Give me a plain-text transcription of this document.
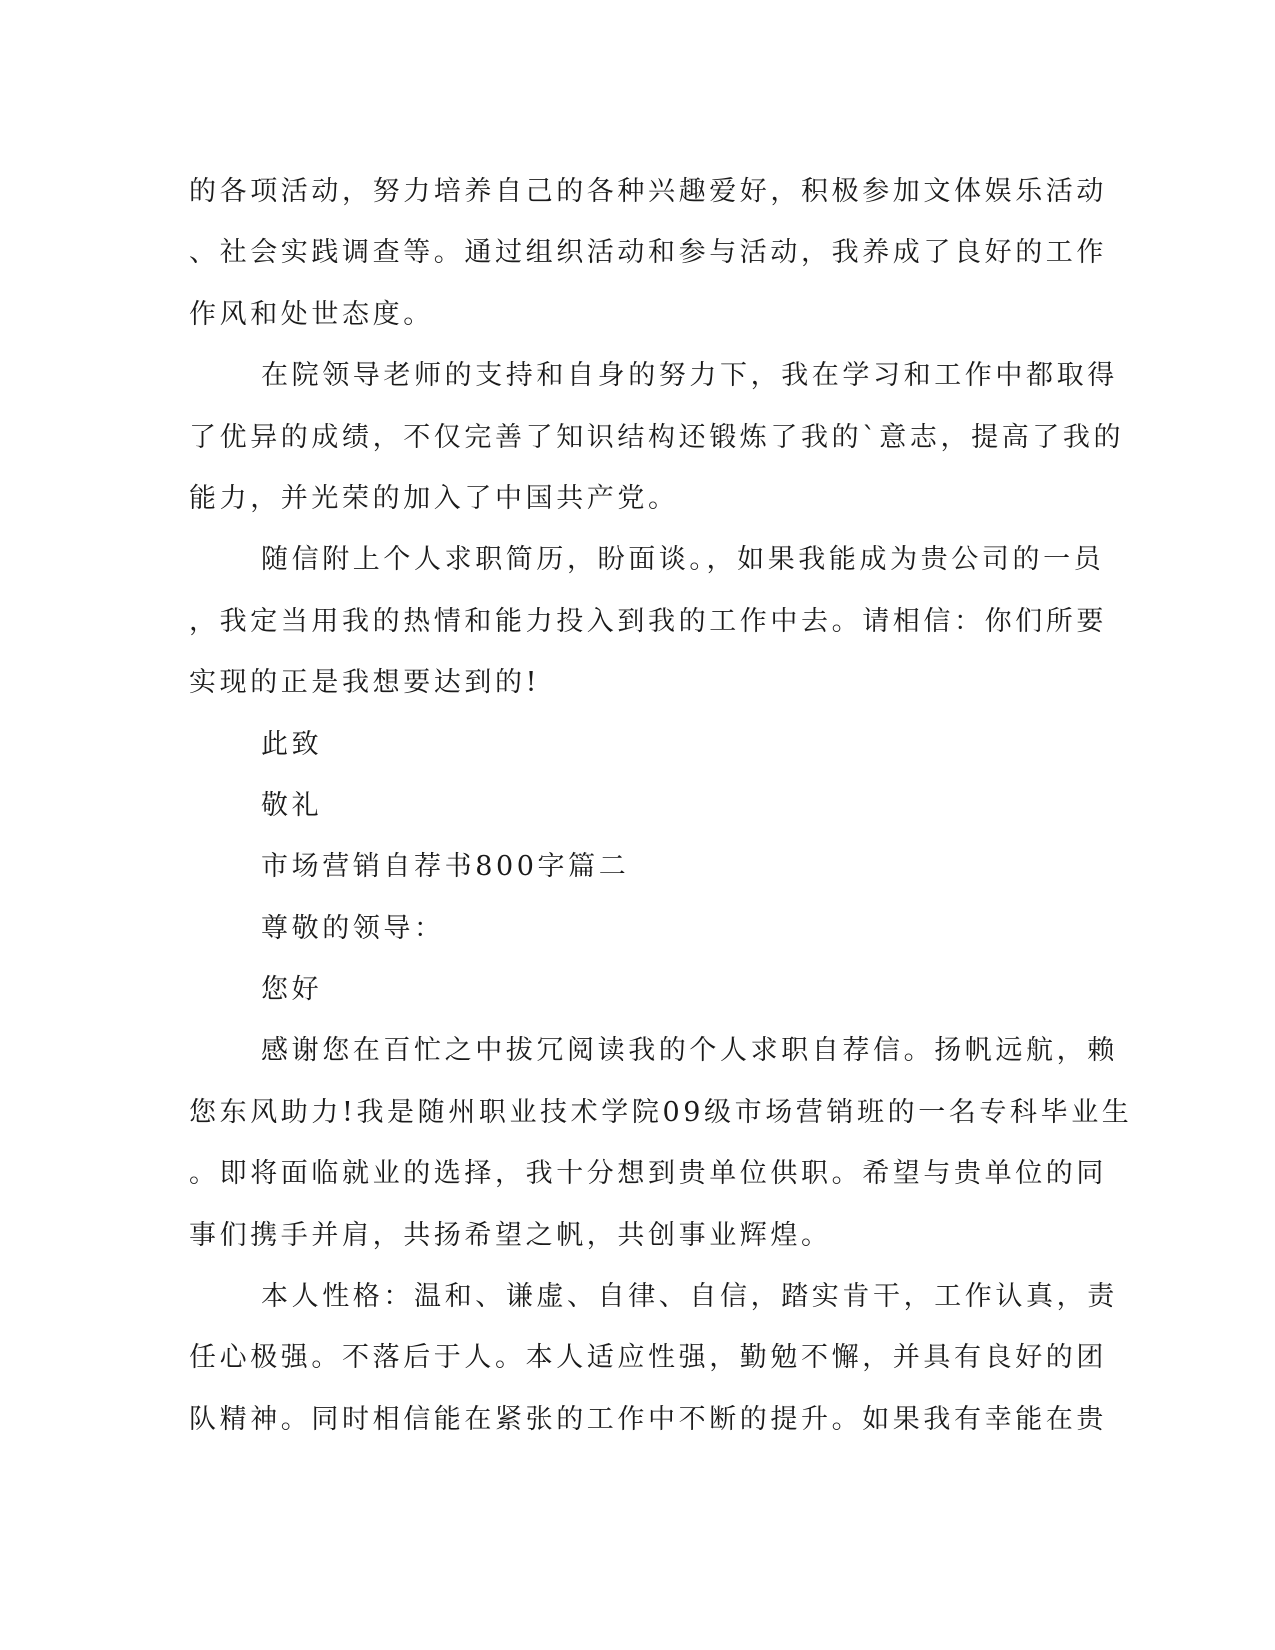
的各项活动，努力培养自己的各种兴趣爱好，积极参加文体娱乐活动
、社会实践调查等。通过组织活动和参与活动，我养成了良好的工作
作风和处世态度。
在院领导老师的支持和自身的努力下，我在学习和工作中都取得
了优异的成绩，不仅完善了知识结构还锻炼了我的`意志，提高了我的
能力，并光荣的加入了中国共产党。
随信附上个人求职简历，盼面谈。，如果我能成为贵公司的一员
，我定当用我的热情和能力投入到我的工作中去。请相信：你们所要
实现的正是我想要达到的!
此致
敬礼
市场营销自荐书800字篇二
尊敬的领导：
您好
感谢您在百忙之中拔冗阅读我的个人求职自荐信。扬帆远航，赖
您东风助力!我是随州职业技术学院09级市场营销班的一名专科毕业生
。即将面临就业的选择，我十分想到贵单位供职。希望与贵单位的同
事们携手并肩，共扬希望之帆，共创事业辉煌。
本人性格：温和、谦虚、自律、自信，踏实肯干，工作认真，责
任心极强。不落后于人。本人适应性强，勤勉不懈，并具有良好的团
队精神。同时相信能在紧张的工作中不断的提升。如果我有幸能在贵
